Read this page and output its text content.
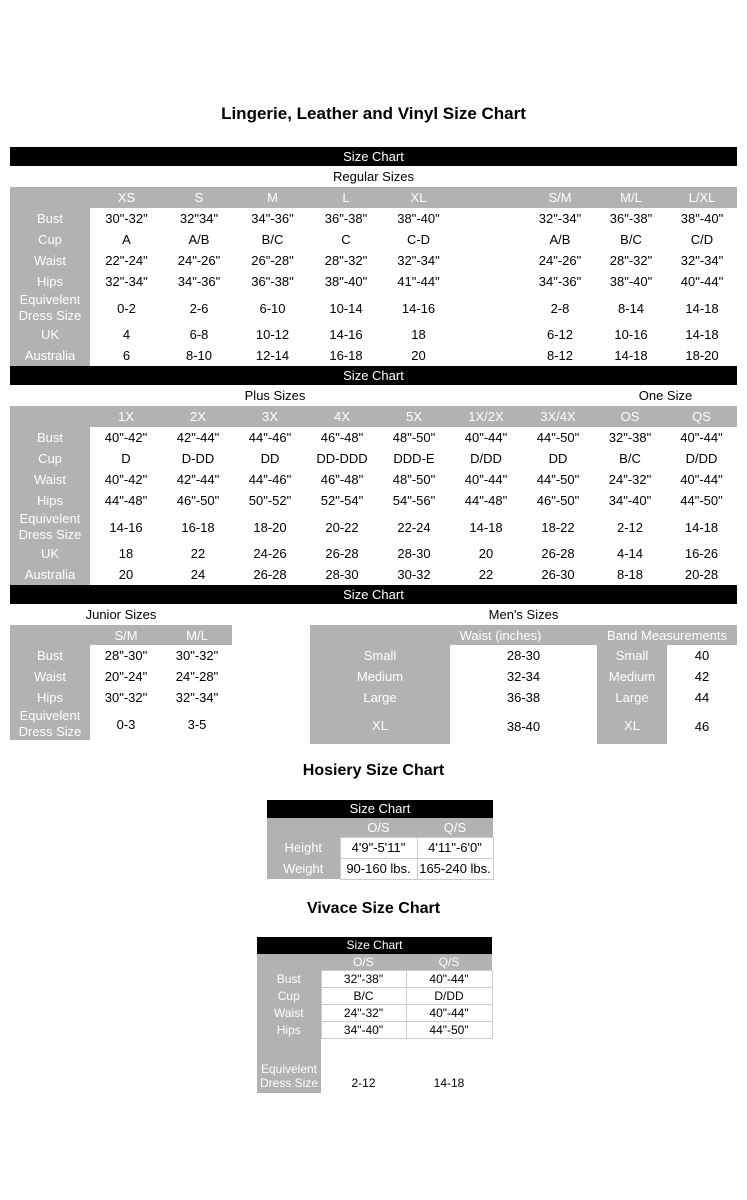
Lingerie, Leather and Vinyl Size Chart
Size Chart
Regular Sizes
	XS	S	M	L	XL		S/M	M/L	L/XL
Bust	30"-32"	32"34"	34"-36"	36"-38"	38"-40"		32"-34"	36"-38"	38"-40"
Cup	A	A/B	B/C	C	C-D		A/B	B/C	C/D
Waist	22"-24"	24"-26"	26"-28"	28"-32"	32"-34"		24"-26"	28"-32"	32"-34"
Hips	32"-34"	34"-36"	36"-38"	38"-40"	41"-44"		34"-36"	38"-40"	40"-44"
Equivelent Dress Size	0-2	2-6	6-10	10-14	14-16		2-8	8-14	14-18
UK	4	6-8	10-12	14-16	18		6-12	10-16	14-18
Australia	6	8-10	12-14	16-18	20		8-12	14-18	18-20
Size Chart
Plus Sizes	One Size
	1X	2X	3X	4X	5X	1X/2X	3X/4X	OS	QS
Bust	40"-42"	42"-44"	44"-46"	46"-48"	48"-50"	40"-44"	44"-50"	32"-38"	40"-44"
Cup	D	D-DD	DD	DD-DDD	DDD-E	D/DD	DD	B/C	D/DD
Waist	40"-42"	42"-44"	44"-46"	46"-48"	48"-50"	40"-44"	44"-50"	24"-32"	40"-44"
Hips	44"-48"	46"-50"	50"-52"	52"-54"	54"-56"	44"-48"	46"-50"	34"-40"	44"-50"
Equivelent Dress Size	14-16	16-18	18-20	20-22	22-24	14-18	18-22	2-12	14-18
UK	18	22	24-26	26-28	28-30	20	26-28	4-14	16-26
Australia	20	24	26-28	28-30	30-32	22	26-30	8-18	20-28
Size Chart
Junior Sizes	Men's Sizes
	S/M	M/L
Bust	28"-30"	30"-32"
Waist	20"-24"	24"-28"
Hips	30"-32"	32"-34"
Equivelent Dress Size	0-3	3-5
Waist (inches)		Band Measurements	
Small	28-30	Small	40
Medium	32-34	Medium	42
Large	36-38	Large	44
XL	38-40	XL	46
Hosiery Size Chart
Size Chart
	O/S	Q/S
Height	4'9"-5'11"	4'11"-6'0"
Weight	90-160 lbs.	165-240 lbs.
Vivace Size Chart
Size Chart
	O/S	Q/S
Bust	32"-38"	40"-44"
Cup	B/C	D/DD
Waist	24"-32"	40"-44"
Hips	34"-40"	44"-50"

Equivelent Dress Size	2-12	14-18
